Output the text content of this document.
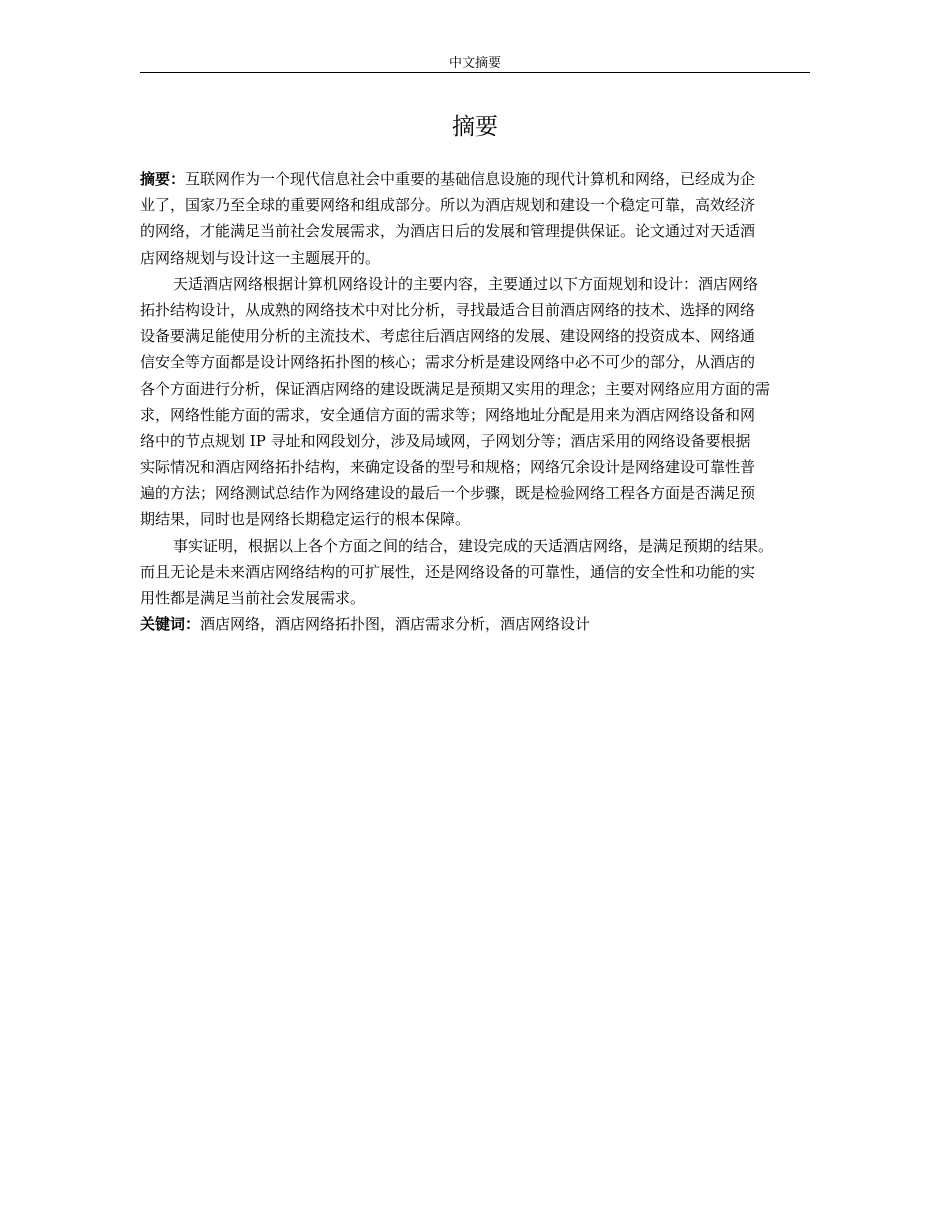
中文摘要
摘要
摘要：互联网作为一个现代信息社会中重要的基础信息设施的现代计算机和网络，已经成为企
业了，国家乃至全球的重要网络和组成部分。所以为酒店规划和建设一个稳定可靠，高效经济
的网络，才能满足当前社会发展需求，为酒店日后的发展和管理提供保证。论文通过对天适酒
店网络规划与设计这一主题展开的。
天适酒店网络根据计算机网络设计的主要内容，主要通过以下方面规划和设计：酒店网络
拓扑结构设计，从成熟的网络技术中对比分析，寻找最适合目前酒店网络的技术、选择的网络
设备要满足能使用分析的主流技术、考虑往后酒店网络的发展、建设网络的投资成本、网络通
信安全等方面都是设计网络拓扑图的核心；需求分析是建设网络中必不可少的部分，从酒店的
各个方面进行分析，保证酒店网络的建设既满足是预期又实用的理念；主要对网络应用方面的需
求，网络性能方面的需求，安全通信方面的需求等；网络地址分配是用来为酒店网络设备和网
络中的节点规划 IP 寻址和网段划分，涉及局域网，子网划分等；酒店采用的网络设备要根据
实际情况和酒店网络拓扑结构，来确定设备的型号和规格；网络冗余设计是网络建设可靠性普
遍的方法；网络测试总结作为网络建设的最后一个步骤，既是检验网络工程各方面是否满足预
期结果，同时也是网络长期稳定运行的根本保障。
事实证明，根据以上各个方面之间的结合，建设完成的天适酒店网络，是满足预期的结果。
而且无论是未来酒店网络结构的可扩展性，还是网络设备的可靠性，通信的安全性和功能的实
用性都是满足当前社会发展需求。
关键词：酒店网络，酒店网络拓扑图，酒店需求分析，酒店网络设计
